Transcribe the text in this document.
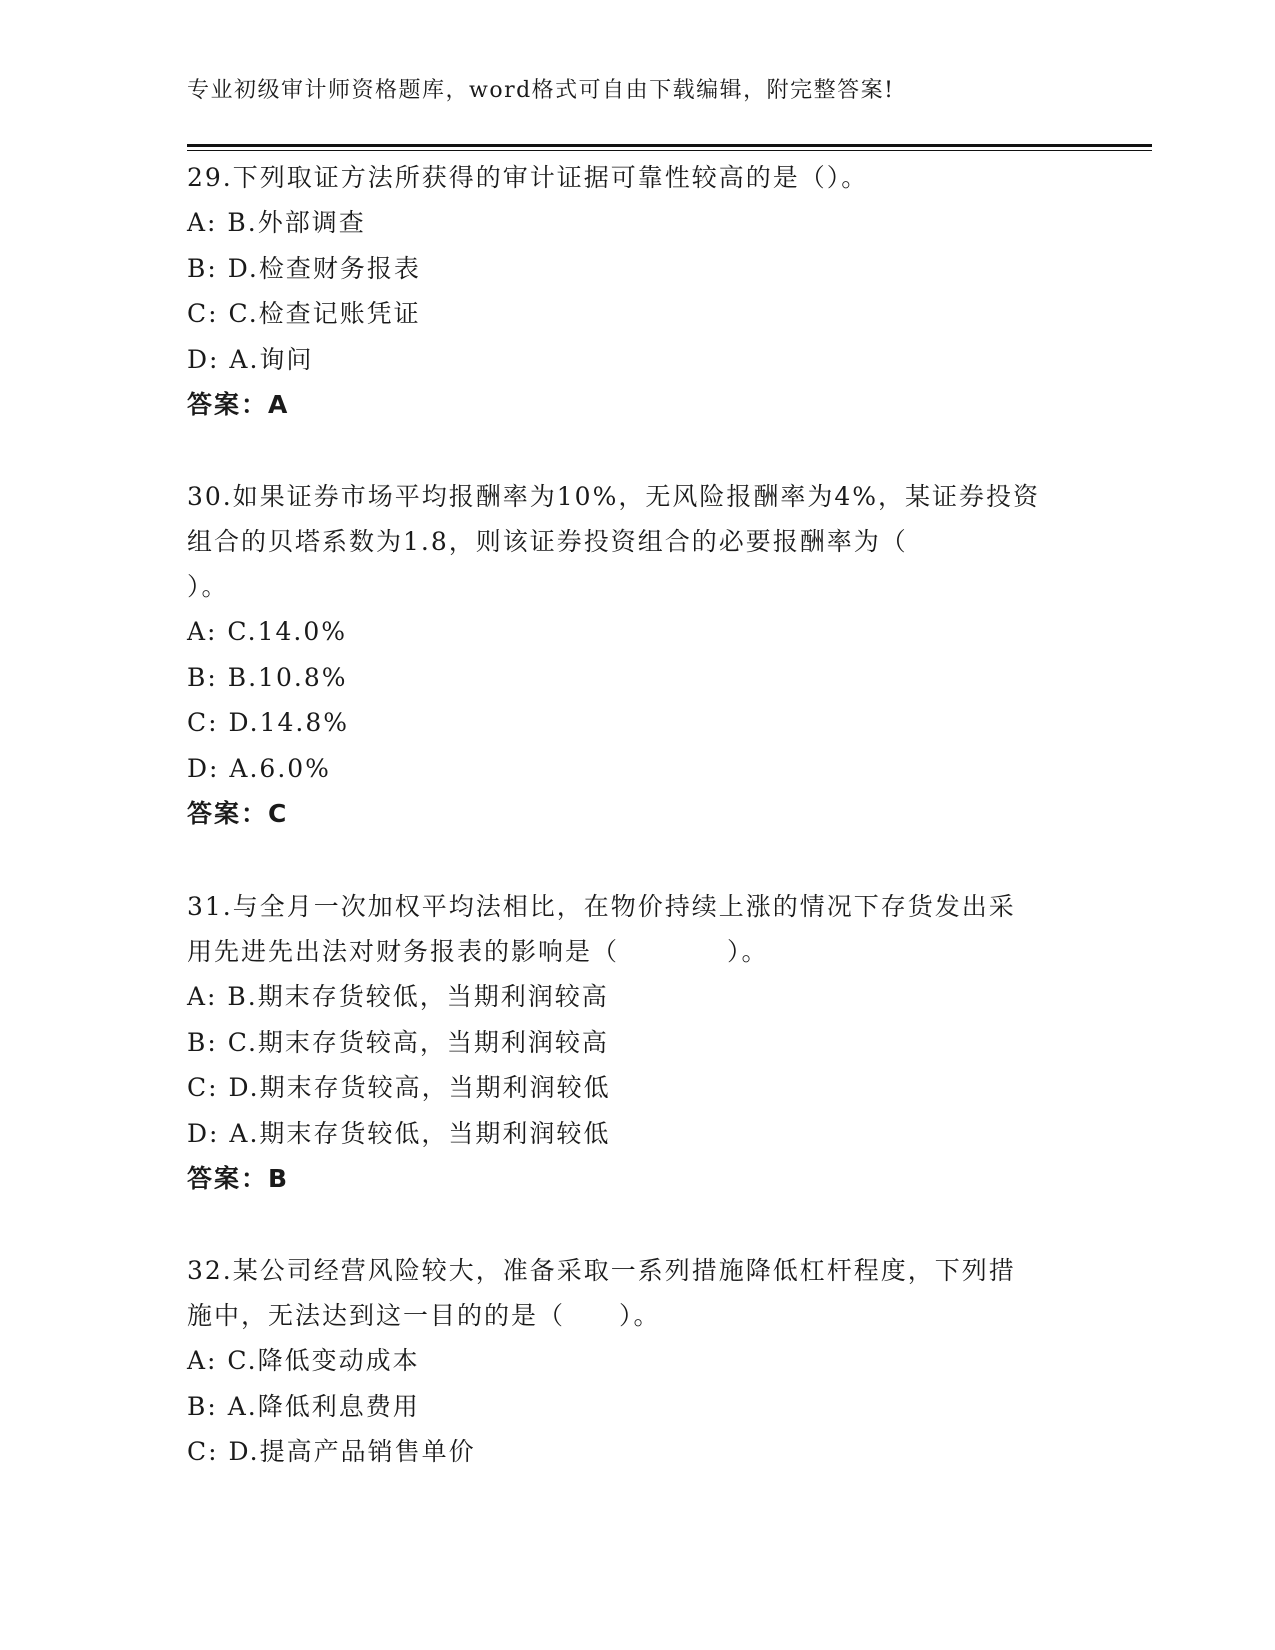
专业初级审计师资格题库，word格式可自由下载编辑，附完整答案!
29.下列取证方法所获得的审计证据可靠性较高的是（）。
A: B.外部调查
B: D.检查财务报表
C: C.检查记账凭证
D: A.询问
答案：A
30.如果证券市场平均报酬率为10%，无风险报酬率为4%，某证券投资
组合的贝塔系数为1.8，则该证券投资组合的必要报酬率为（
）。
A: C.14.0%
B: B.10.8%
C: D.14.8%
D: A.6.0%
答案：C
31.与全月一次加权平均法相比，在物价持续上涨的情况下存货发出采
用先进先出法对财务报表的影响是（　　　　）。
A: B.期末存货较低，当期利润较高
B: C.期末存货较高，当期利润较高
C: D.期末存货较高，当期利润较低
D: A.期末存货较低，当期利润较低
答案：B
32.某公司经营风险较大，准备采取一系列措施降低杠杆程度，下列措
施中，无法达到这一目的的是（　　）。
A: C.降低变动成本
B: A.降低利息费用
C: D.提高产品销售单价
